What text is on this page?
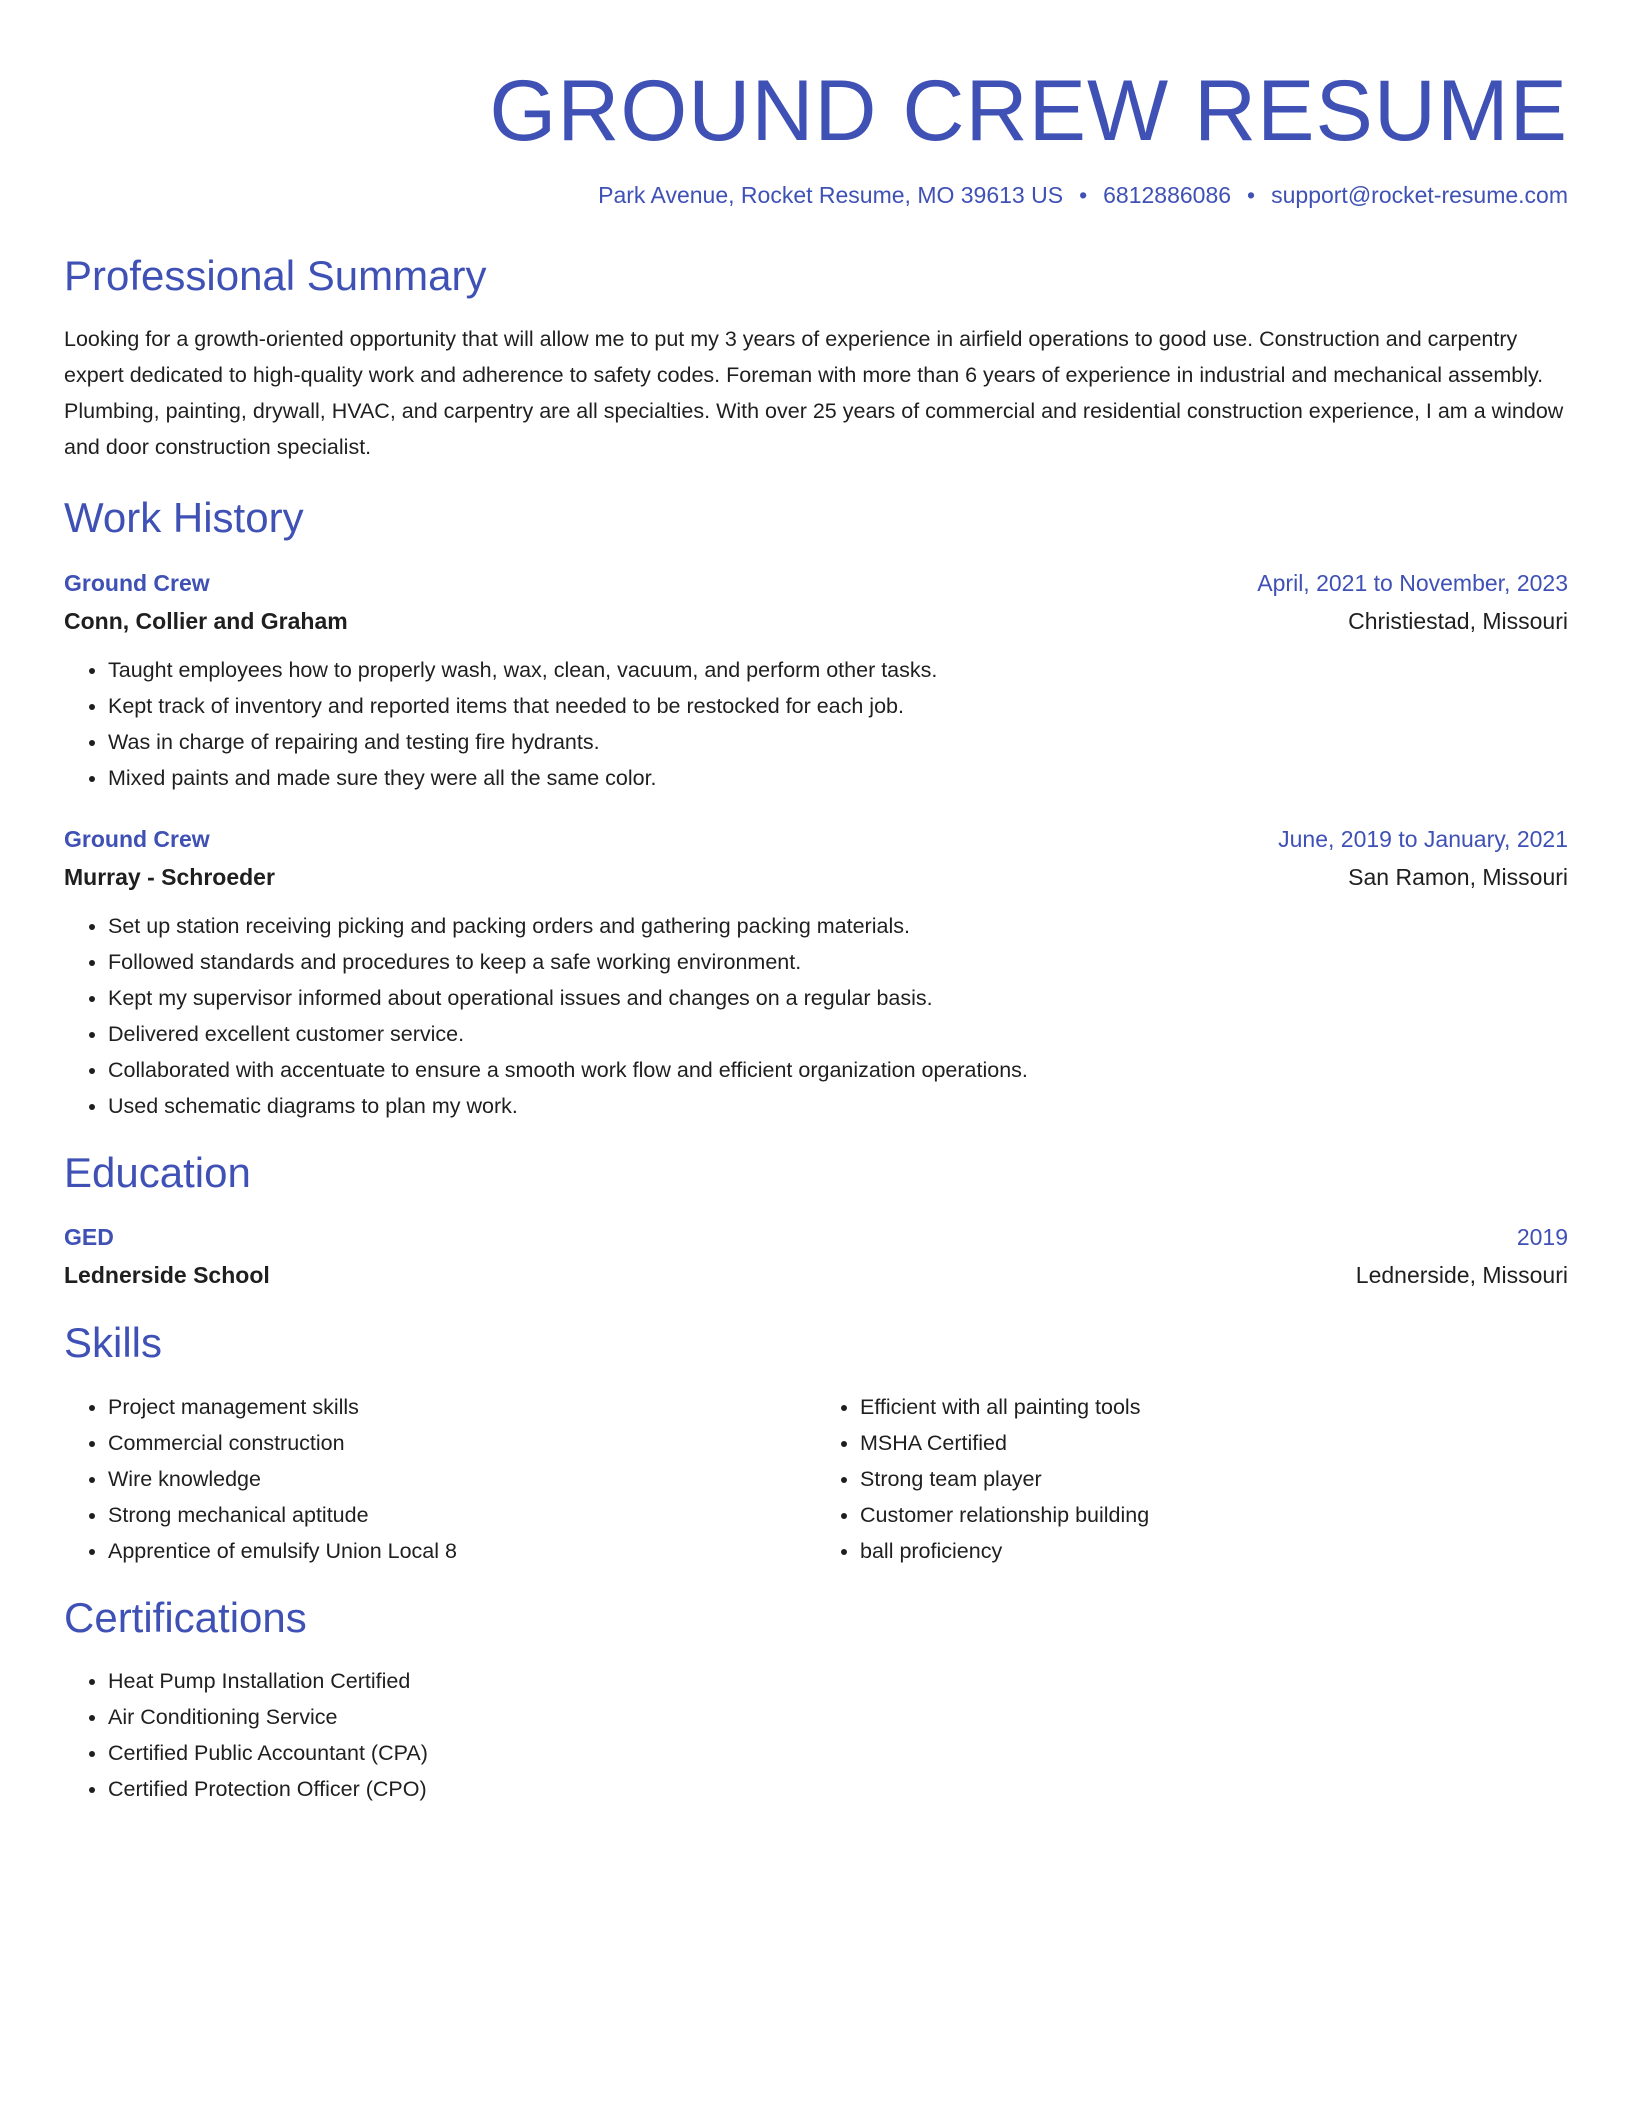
GROUND CREW RESUME
Park Avenue, Rocket Resume, MO 39613 US • 6812886086 • support@rocket-resume.com
Professional Summary
Looking for a growth-oriented opportunity that will allow me to put my 3 years of experience in airfield operations to good use. Construction and carpentry expert dedicated to high-quality work and adherence to safety codes. Foreman with more than 6 years of experience in industrial and mechanical assembly. Plumbing, painting, drywall, HVAC, and carpentry are all specialties. With over 25 years of commercial and residential construction experience, I am a window and door construction specialist.
Work History
Ground Crew	April, 2021 to November, 2023
Conn, Collier and Graham	Christiestad, Missouri
• Taught employees how to properly wash, wax, clean, vacuum, and perform other tasks.
• Kept track of inventory and reported items that needed to be restocked for each job.
• Was in charge of repairing and testing fire hydrants.
• Mixed paints and made sure they were all the same color.
Ground Crew	June, 2019 to January, 2021
Murray - Schroeder	San Ramon, Missouri
• Set up station receiving picking and packing orders and gathering packing materials.
• Followed standards and procedures to keep a safe working environment.
• Kept my supervisor informed about operational issues and changes on a regular basis.
• Delivered excellent customer service.
• Collaborated with accentuate to ensure a smooth work flow and efficient organization operations.
• Used schematic diagrams to plan my work.
Education
GED	2019
Lednerside School	Lednerside, Missouri
Skills
• Project management skills
• Commercial construction
• Wire knowledge
• Strong mechanical aptitude
• Apprentice of emulsify Union Local 8
• Efficient with all painting tools
• MSHA Certified
• Strong team player
• Customer relationship building
• ball proficiency
Certifications
• Heat Pump Installation Certified
• Air Conditioning Service
• Certified Public Accountant (CPA)
• Certified Protection Officer (CPO)
